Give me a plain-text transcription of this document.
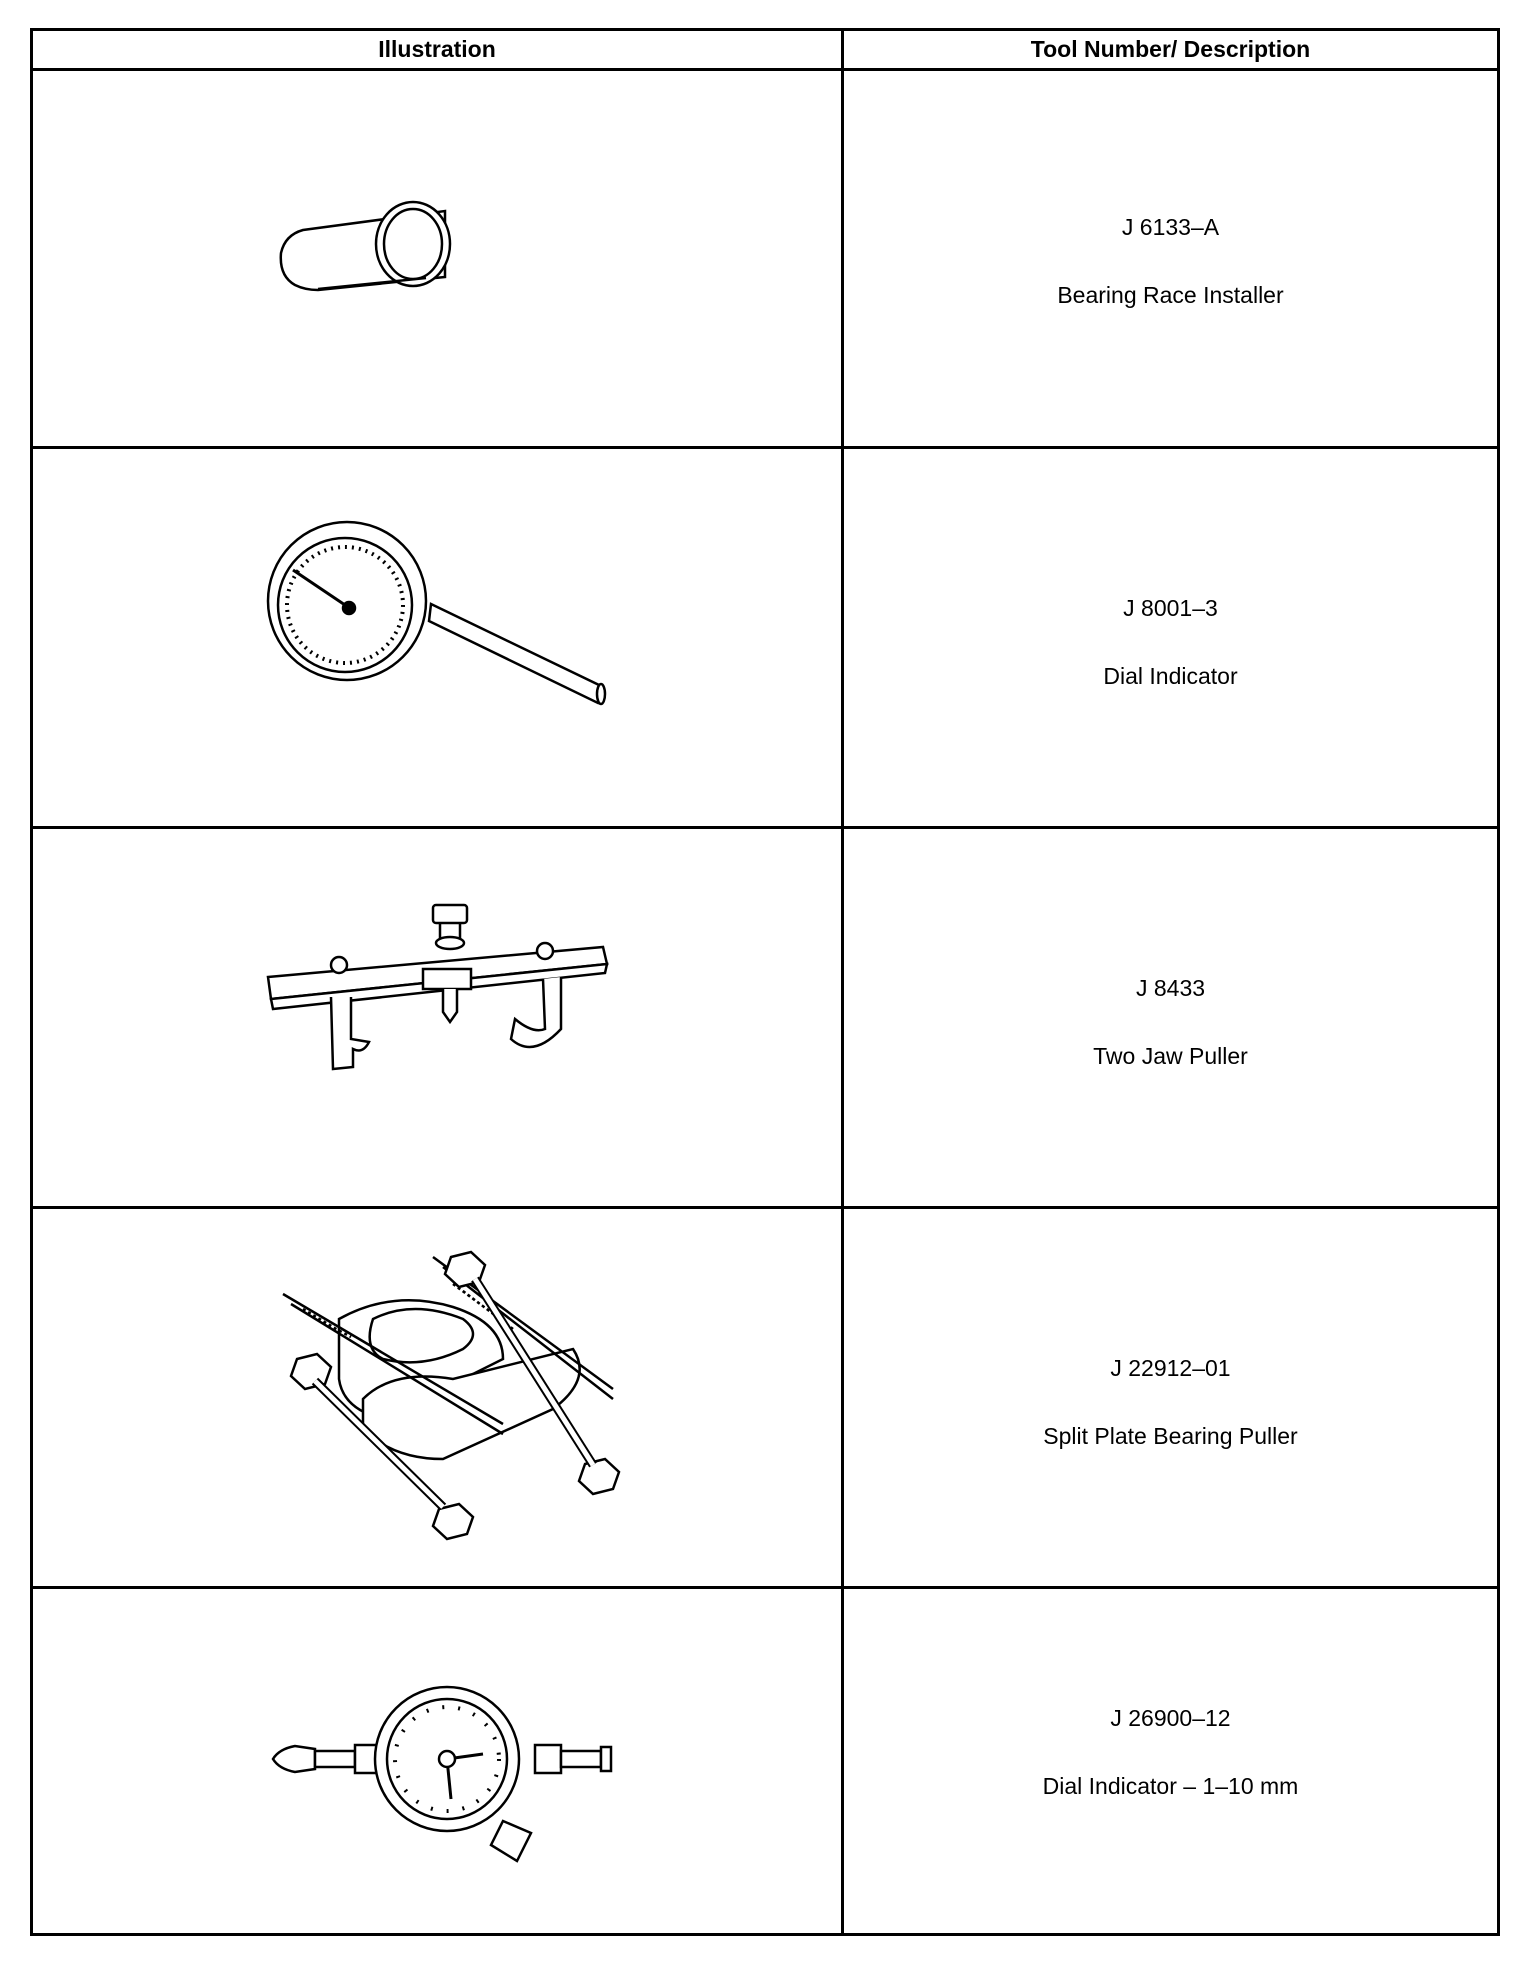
Illustration	Tool Number/ Description
J 6133–A
Bearing Race Installer
J 8001–3
Dial Indicator
J 8433
Two Jaw Puller
J 22912–01
Split Plate Bearing Puller
J 26900–12
Dial Indicator – 1–10 mm
